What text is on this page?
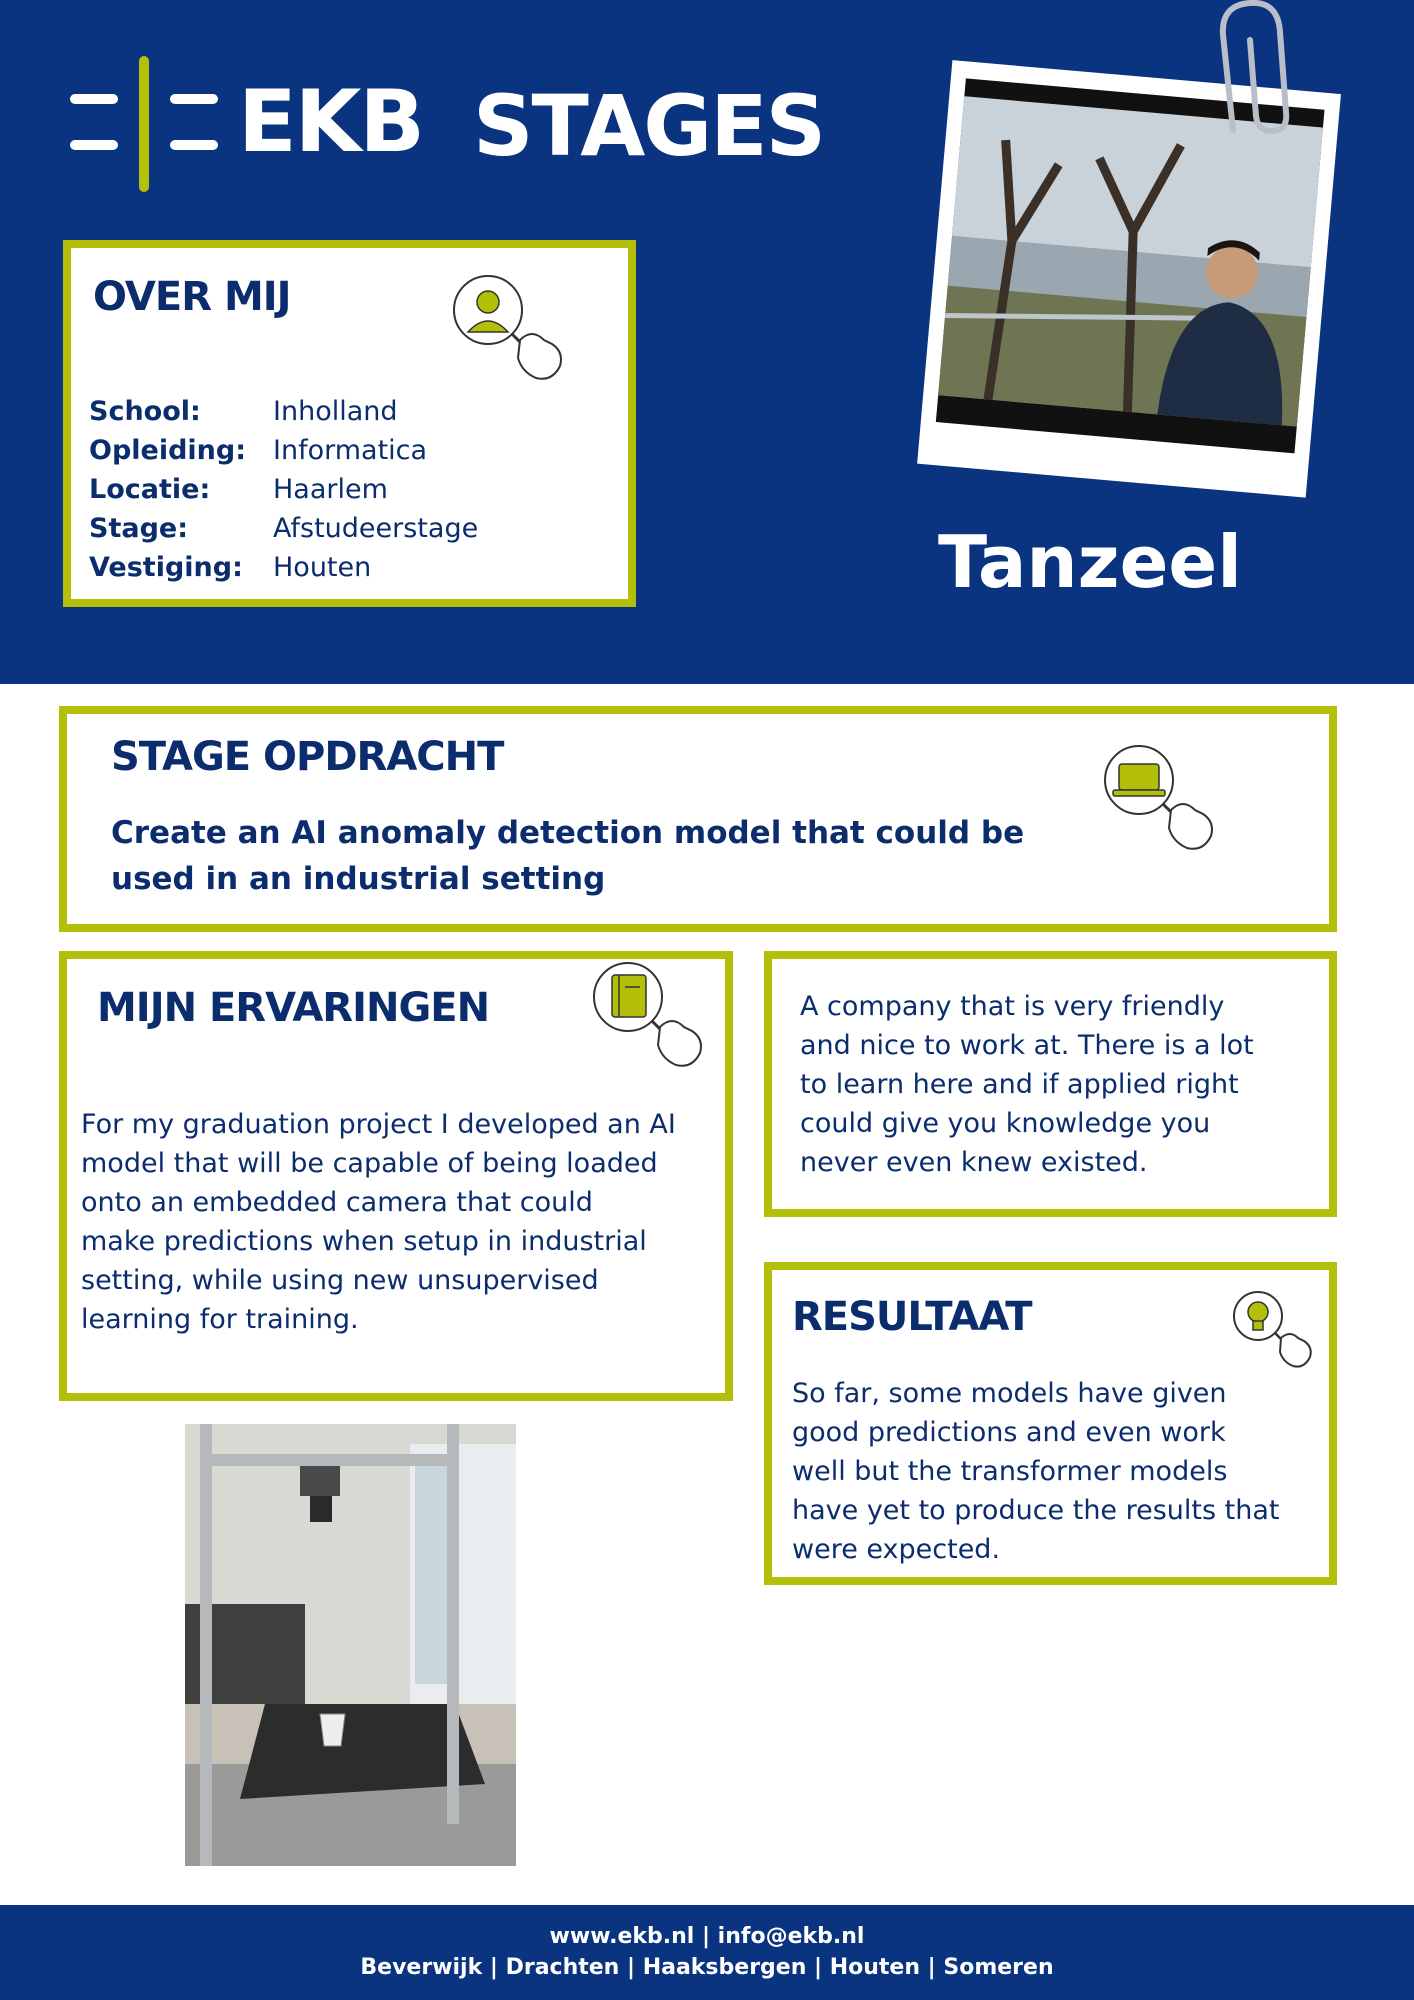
EKB STAGES
OVER MIJ
School:	Inholland
Opleiding: Informatica
Locatie: Haarlem
Stage:	Afstudeerstage
Vestiging: Houten	Tanzeel
STAGE OPDRACHT
Create an AI anomaly detection model that could be
used in an industrial setting
MIJN ERVARINGEN
For my graduation project I developed an AI
model that will be capable of being loaded
onto an embedded camera that could
make predictions when setup in industrial
setting, while using new unsupervised
learning for training.
A company that is very friendly
and nice to work at. There is a lot
to learn here and if applied right
could give you knowledge you
never even knew existed.
RESULTAAT
So far, some models have given
good predictions and even work
well but the transformer models
have yet to produce the results that
were expected.
www.ekb.nl | info@ekb.nl
Beverwijk | Drachten | Haaksbergen | Houten | Someren
